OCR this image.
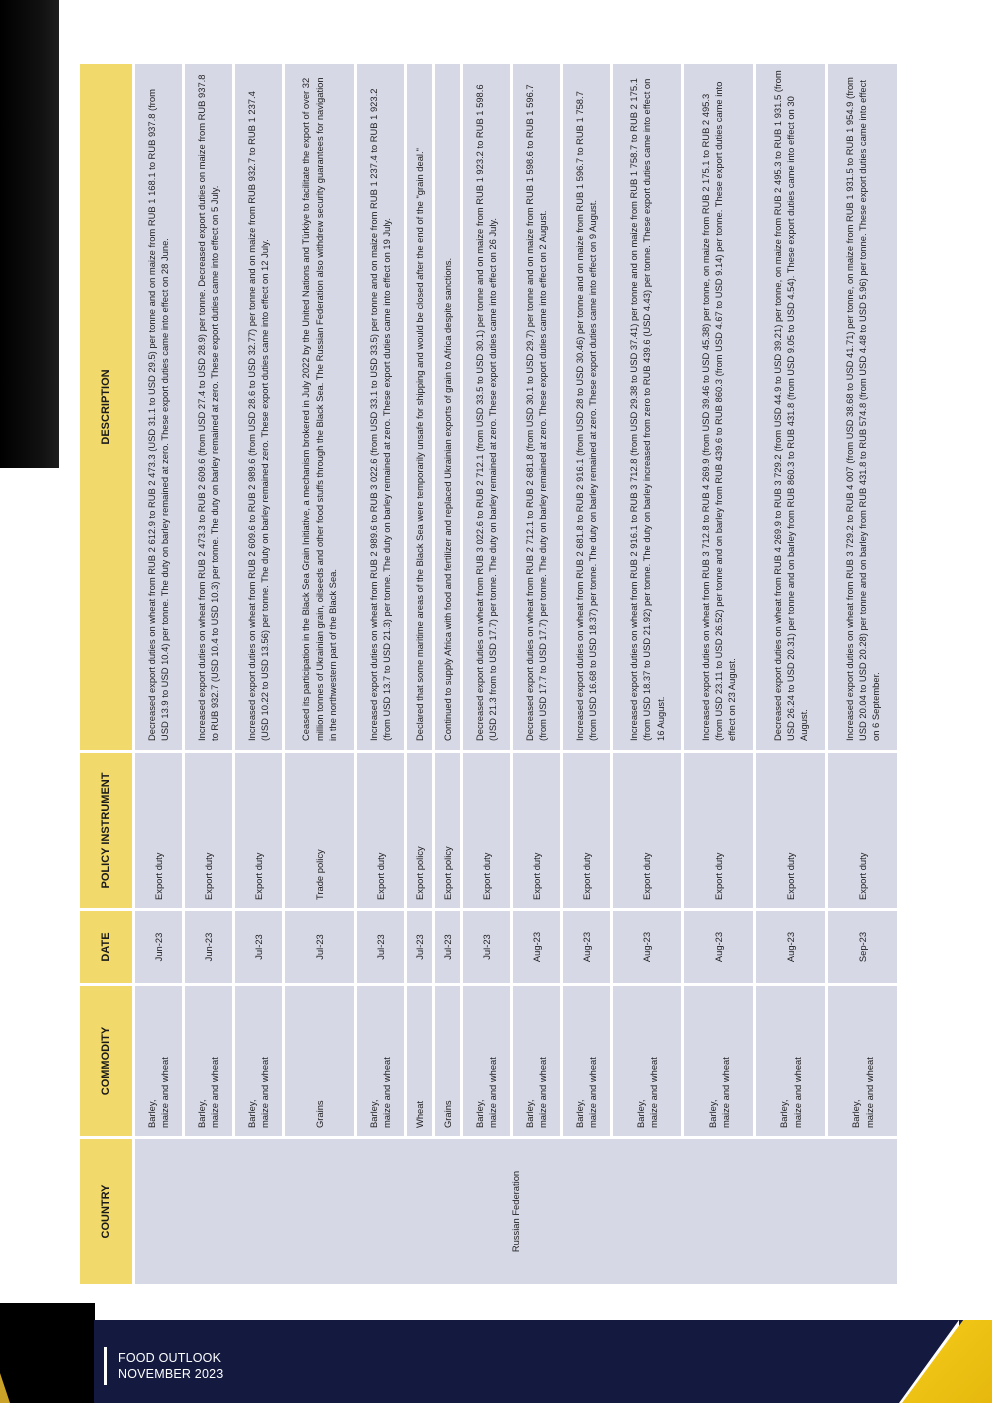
COUNTRY	COMMODITY	DATE	POLICY INSTRUMENT	DESCRIPTION
Russian Federation	Barley, maize and wheat	Jun-23	Export duty	Decreased export duties on wheat from RUB 2 612.9 to RUB 2 473.3 (USD 31.1 to USD 29.5) per tonne and on maize from RUB 1 168.1 to RUB 937.8 (from USD 13.9 to USD 10.4) per tonne. The duty on barley remained at zero. These export duties came into effect on 28 June.

	Barley, maize and wheat	Jun-23	Export duty	Increased export duties on wheat from RUB 2 473.3 to RUB 2 609.6 (from USD 27.4 to USD 28.9) per tonne. Decreased export duties on maize from RUB 937.8 to RUB 932.7 (USD 10.4 to USD 10.3) per tonne. The duty on barley remained at zero. These export duties came into effect on 5 July.

	Barley, maize and wheat	Jul-23	Export duty	Increased export duties on wheat from RUB 2 609.6 to RUB 2 989.6 (from USD 28.6 to USD 32.77) per tonne and on maize from RUB 932.7 to RUB 1 237.4 (USD 10.22 to USD 13.56) per tonne. The duty on barley remained zero. These export duties came into effect on 12 July.

	Grains	Jul-23	Trade policy	Ceased its participation in the Black Sea Grain Initiative, a mechanism brokered in July 2022 by the United Nations and Türkiye to facilitate the export of over 32 million tonnes of Ukrainian grain, oilseeds and other food stuffs through the Black Sea. The Russian Federation also withdrew security guarantees for navigation in the northwestern part of the Black Sea.

	Barley, maize and wheat	Jul-23	Export duty	Increased export duties on wheat from RUB 2 989.6 to RUB 3 022.6 (from USD 33.1 to USD 33.5) per tonne and on maize from RUB 1 237.4 to RUB 1 923.2 (from USD 13.7 to USD 21.3) per tonne. The duty on barley remained at zero. These export duties came into effect on 19 July.

	Wheat	Jul-23	Export policy	Declared that some maritime areas of the Black Sea were temporarily unsafe for shipping and would be closed after the end of the "grain deal."

	Grains	Jul-23	Export policy	Continued to supply Africa with food and fertilizer and replaced Ukrainian exports of grain to Africa despite sanctions.

	Barley, maize and wheat	Jul-23	Export duty	Decreased export duties on wheat from RUB 3 022.6 to RUB 2 712.1 (from USD 33.5 to USD 30.1) per tonne and on maize from RUB 1 923.2 to RUB 1 598.6 (USD 21.3 from to USD 17.7) per tonne. The duty on barley remained at zero. These export duties came into effect on 26 July.

	Barley, maize and wheat	Aug-23	Export duty	Decreased export duties on wheat from RUB 2 712.1 to RUB 2 681.8 (from USD 30.1 to USD 29.7) per tonne and on maize from RUB 1 598.6 to RUB 1 596.7 (from USD 17.7 to USD 17.7) per tonne. The duty on barley remained at zero. These export duties came into effect on 2 August.

	Barley, maize and wheat	Aug-23	Export duty	Increased export duties on wheat from RUB 2 681.8 to RUB 2 916.1 (from USD 28 to USD 30.46) per tonne and on maize from RUB 1 596.7 to RUB 1 758.7 (from USD 16.68 to USD 18.37) per tonne. The duty on barley remained at zero. These export duties came into effect on 9 August.

	Barley, maize and wheat	Aug-23	Export duty	Increased export duties on wheat from RUB 2 916.1 to RUB 3 712.8 (from USD 29.38 to USD 37.41) per tonne and on maize from RUB 1 758.7 to RUB 2 175.1 (from USD 18.37 to USD 21.92) per tonne. The duty on barley increased from zero to RUB 439.6 (USD 4.43) per tonne. These export duties came into effect on 16 August.

	Barley, maize and wheat	Aug-23	Export duty	Increased export duties on wheat from RUB 3 712.8 to RUB 4 269.9 (from USD 39.46 to USD 45.38) per tonne, on maize from RUB 2 175.1 to RUB 2 495.3 (from USD 23.11 to USD 26.52) per tonne and on barley from RUB 439.6 to RUB 860.3 (from USD 4.67 to USD 9.14) per tonne. These export duties came into effect on 23 August.

	Barley, maize and wheat	Aug-23	Export duty	Decreased export duties on wheat from RUB 4 269.9 to RUB 3 729.2 (from USD 44.9 to USD 39.21) per tonne, on maize from RUB 2 495.3 to RUB 1 931.5 (from USD 26.24 to USD 20.31) per tonne and on barley from RUB 860.3 to RUB 431.8 (from USD 9.05 to USD 4.54). These export duties came into effect on 30 August.

	Barley, maize and wheat	Sep-23	Export duty	Increased export duties on wheat from RUB 3 729.2 to RUB 4 007 (from USD 38.68 to USD 41.71) per tonne, on maize from RUB 1 931.5 to RUB 1 954.9 (from USD 20.04 to USD 20.28) per tonne and on barley from RUB 431.8 to RUB 574.8 (from USD 4.48 to USD 5.96) per tonne. These export duties came into effect on 6 September.
FOOD OUTLOOK
NOVEMBER 2023
